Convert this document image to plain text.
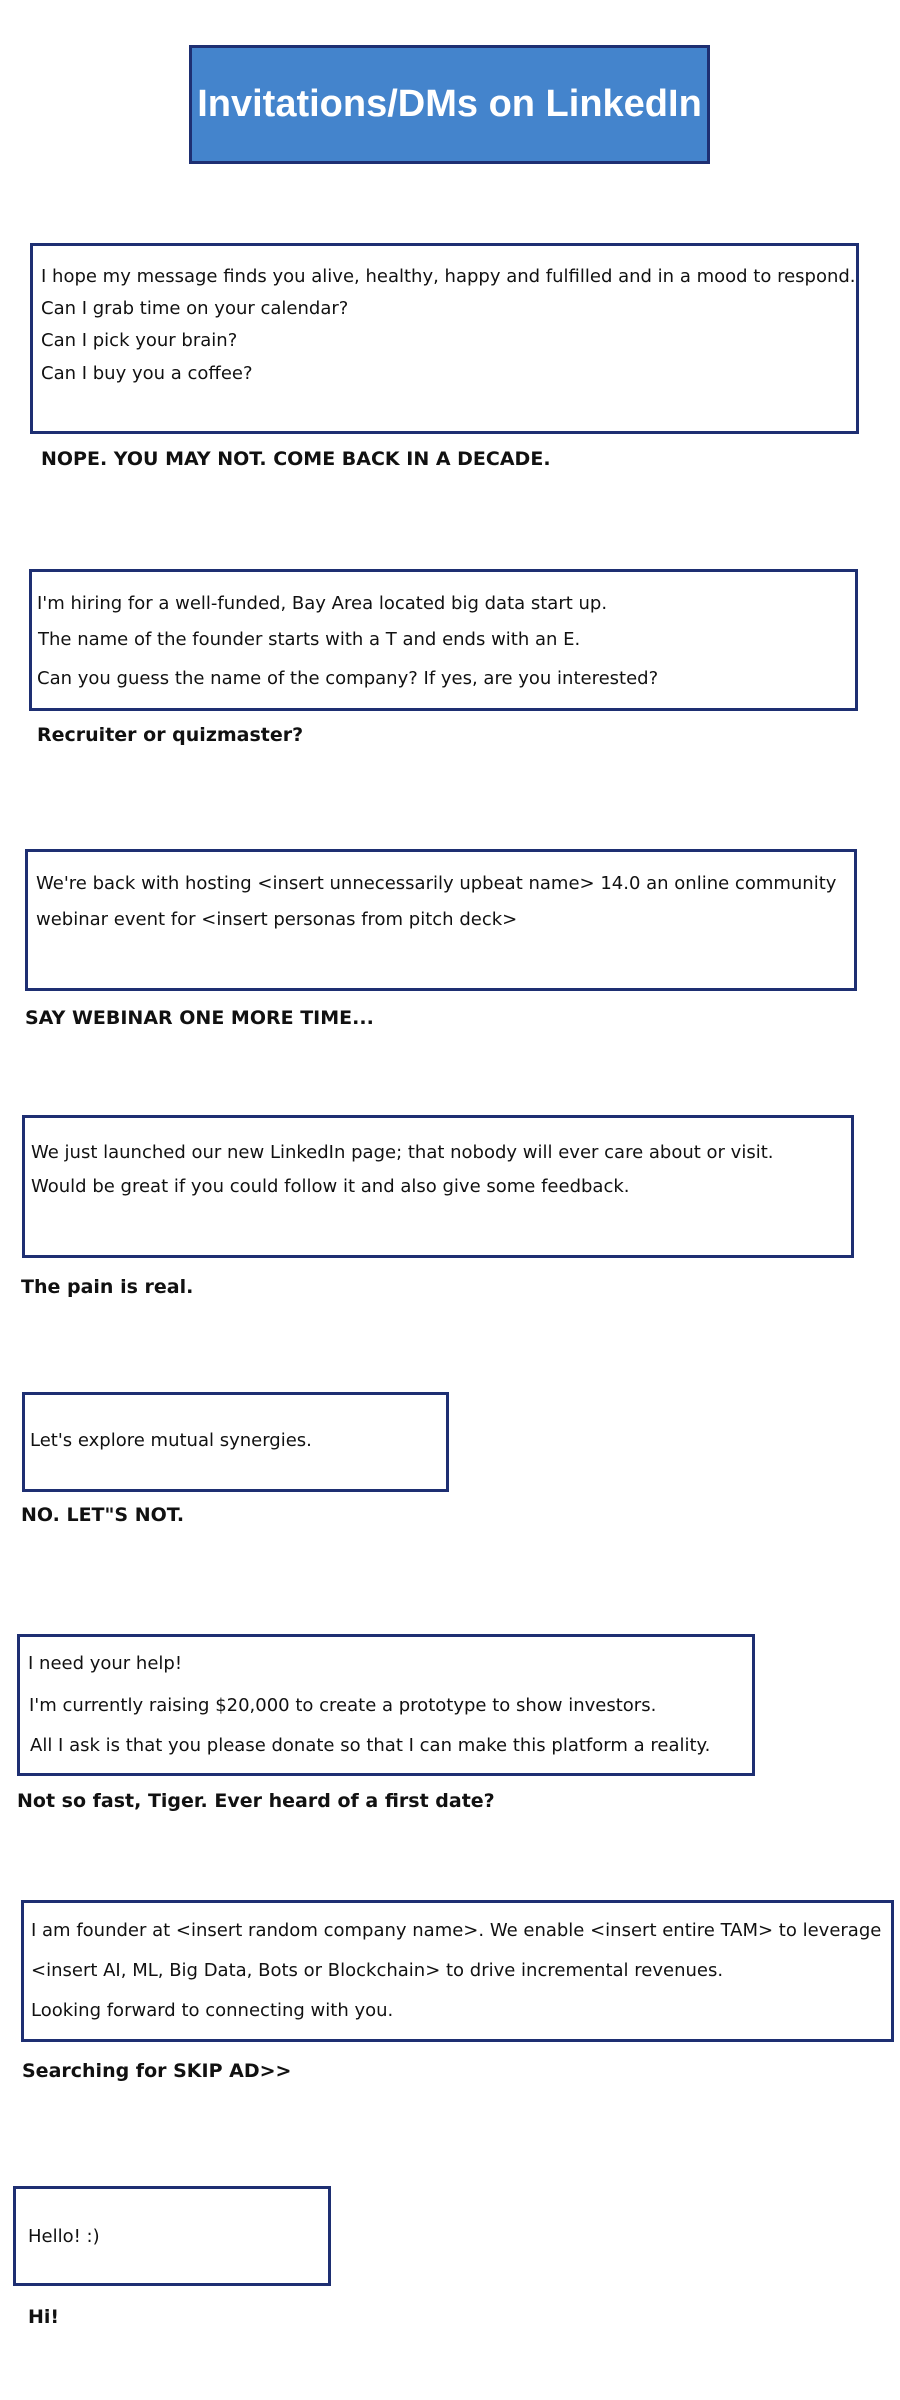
Invitations/DMs on LinkedIn
I hope my message finds you alive, healthy, happy and fulfilled and in a mood to respond.
Can I grab time on your calendar?
Can I pick your brain?
Can I buy you a coffee?
NOPE. YOU MAY NOT. COME BACK IN A DECADE.
I'm hiring for a well-funded, Bay Area located big data start up.
The name of the founder starts with a T and ends with an E.
Can you guess the name of the company? If yes, are you interested?
Recruiter or quizmaster?
We're back with hosting <insert unnecessarily upbeat name> 14.0 an online community
webinar event for <insert personas from pitch deck>
SAY WEBINAR ONE MORE TIME...
We just launched our new LinkedIn page; that nobody will ever care about or visit.
Would be great if you could follow it and also give some feedback.
The pain is real.
Let's explore mutual synergies.
NO. LET"S NOT.
I need your help!
I'm currently raising $20,000 to create a prototype to show investors.
All I ask is that you please donate so that I can make this platform a reality.
Not so fast, Tiger. Ever heard of a first date?
I am founder at <insert random company name>. We enable <insert entire TAM> to leverage
<insert AI, ML, Big Data, Bots or Blockchain> to drive incremental revenues.
Looking forward to connecting with you.
Searching for SKIP AD>>
Hello! :)
Hi!
